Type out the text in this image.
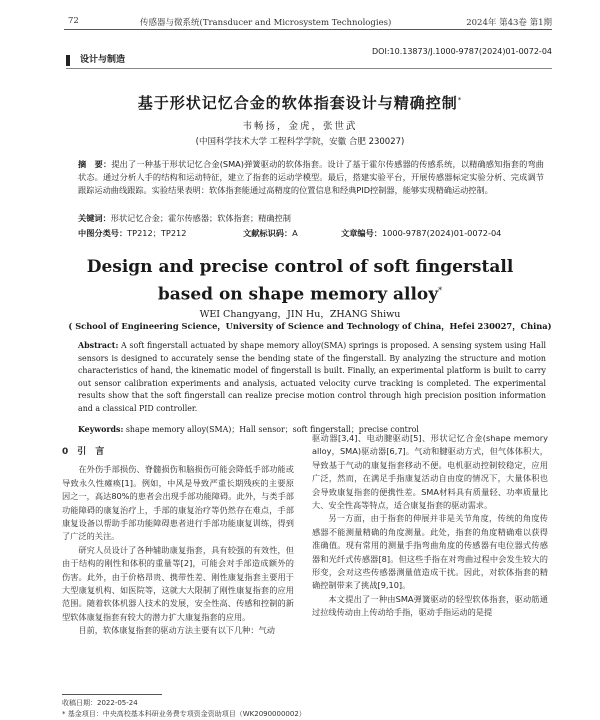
72	传感器与微系统(Transducer and Microsystem Technologies)	2024年 第43卷 第1期
DOI:10.13873/J.1000-9787(2024)01-0072-04
设计与制造
基于形状记忆合金的软体指套设计与精确控制*
韦畅扬，金虎，张世武
(中国科学技术大学 工程科学学院，安徽 合肥 230027)
摘　要：提出了一种基于形状记忆合金(SMA)弹簧驱动的软体指套。设计了基于霍尔传感器的传感系统，以精确感知指套的弯曲状态。通过分析人手的结构和运动特征，建立了指套的运动学模型。最后，搭建实验平台，开展传感器标定实验分析、完成调节跟踪运动曲线跟踪。实验结果表明：软体指套能通过高精度的位置信息和经典PID控制器，能够实现精确运动控制。
关键词：形状记忆合金；霍尔传感器；软体指套；精确控制
中图分类号： TP212；TP212	文献标识码： A	文章编号： 1000-9787(2024)01-0072-04
Design and precise control of soft fingerstall
based on shape memory alloy*
WEI Changyang，JIN Hu，ZHANG Shiwu
( School of Engineering Science，University of Science and Technology of China，Hefei 230027，China)
Abstract: A soft fingerstall actuated by shape memory alloy(SMA) springs is proposed. A sensing system using Hall sensors is designed to accurately sense the bending state of the fingerstall. By analyzing the structure and motion characteristics of hand, the kinematic model of fingerstall is built. Finally, an experimental platform is built to carry out sensor calibration experiments and analysis, actuated velocity curve tracking is completed. The experimental results show that the soft fingerstall can realize precise motion control through high precision position information and a classical PID controller.
Keywords: shape memory alloy(SMA)；Hall sensor；soft fingerstall；precise control
0　引　言

在外伤手部损伤、脊髓损伤和脑损伤可能会降低手部功能或导致永久性瘫痪[1]。例如，中风是导致严重长期残疾的主要原因之一，高达80%的患者会出现手部功能障碍。此外，与类手部功能障碍的康复治疗上，手部的康复治疗等仍然存在难点，手部康复设备以帮助手部功能障碍患者进行手部功能康复训练，得到了广泛的关注。

研究人员设计了各种辅助康复指套，具有较强的有效性，但由于结构的刚性和体积的重量等[2]，可能会对手部造成额外的伤害。此外，由于价格昂贵、携带性差、刚性康复指套主要用于大型康复机构、如医院等，这就大大限制了刚性康复指套的应用范围。随着软体机器人技术的发展，安全性高、传感和控制的新型软体康复指套有较大的潜力扩大康复指套的应用。

目前，软体康复指套的驱动方法主要有以下几种：气动

驱动器[3,4]、电动腱驱动[5]、形状记忆合金(shape memory alloy，SMA)驱动器[6,7]。气动和腱驱动方式，但气体体积大，导致基于气动的康复指套移动不便。电机驱动控制较稳定，应用广泛，然而，在满足手指康复活动自由度的情况下，大量体积也会导致康复指套的便携性差。SMA材料具有质量轻、功率质量比大、安全性高等特点，适合康复指套的驱动需求。

另一方面，由于指套的伸展并非是关节角度，传统的角度传感器不能测量精确的角度测量。此处，指套的角度精确难以获得准确值。现有常用的测量手指弯曲角度的传感器有电位器式传感器和光纤式传感器[8]。但这些手指在对弯曲过程中会发生较大的形变，会对这些传感器测量值造成干扰。因此，对软体指套的精确控制带来了挑战[9,10]。

本文提出了一种由SMA弹簧驱动的轻型软体指套，驱动筋通过拉线传动由上传动给手指，驱动手指运动的是提

收稿日期：2022-05-24
* 基金项目：中央高校基本科研业务费专项资金资助项目（WK2090000002）
